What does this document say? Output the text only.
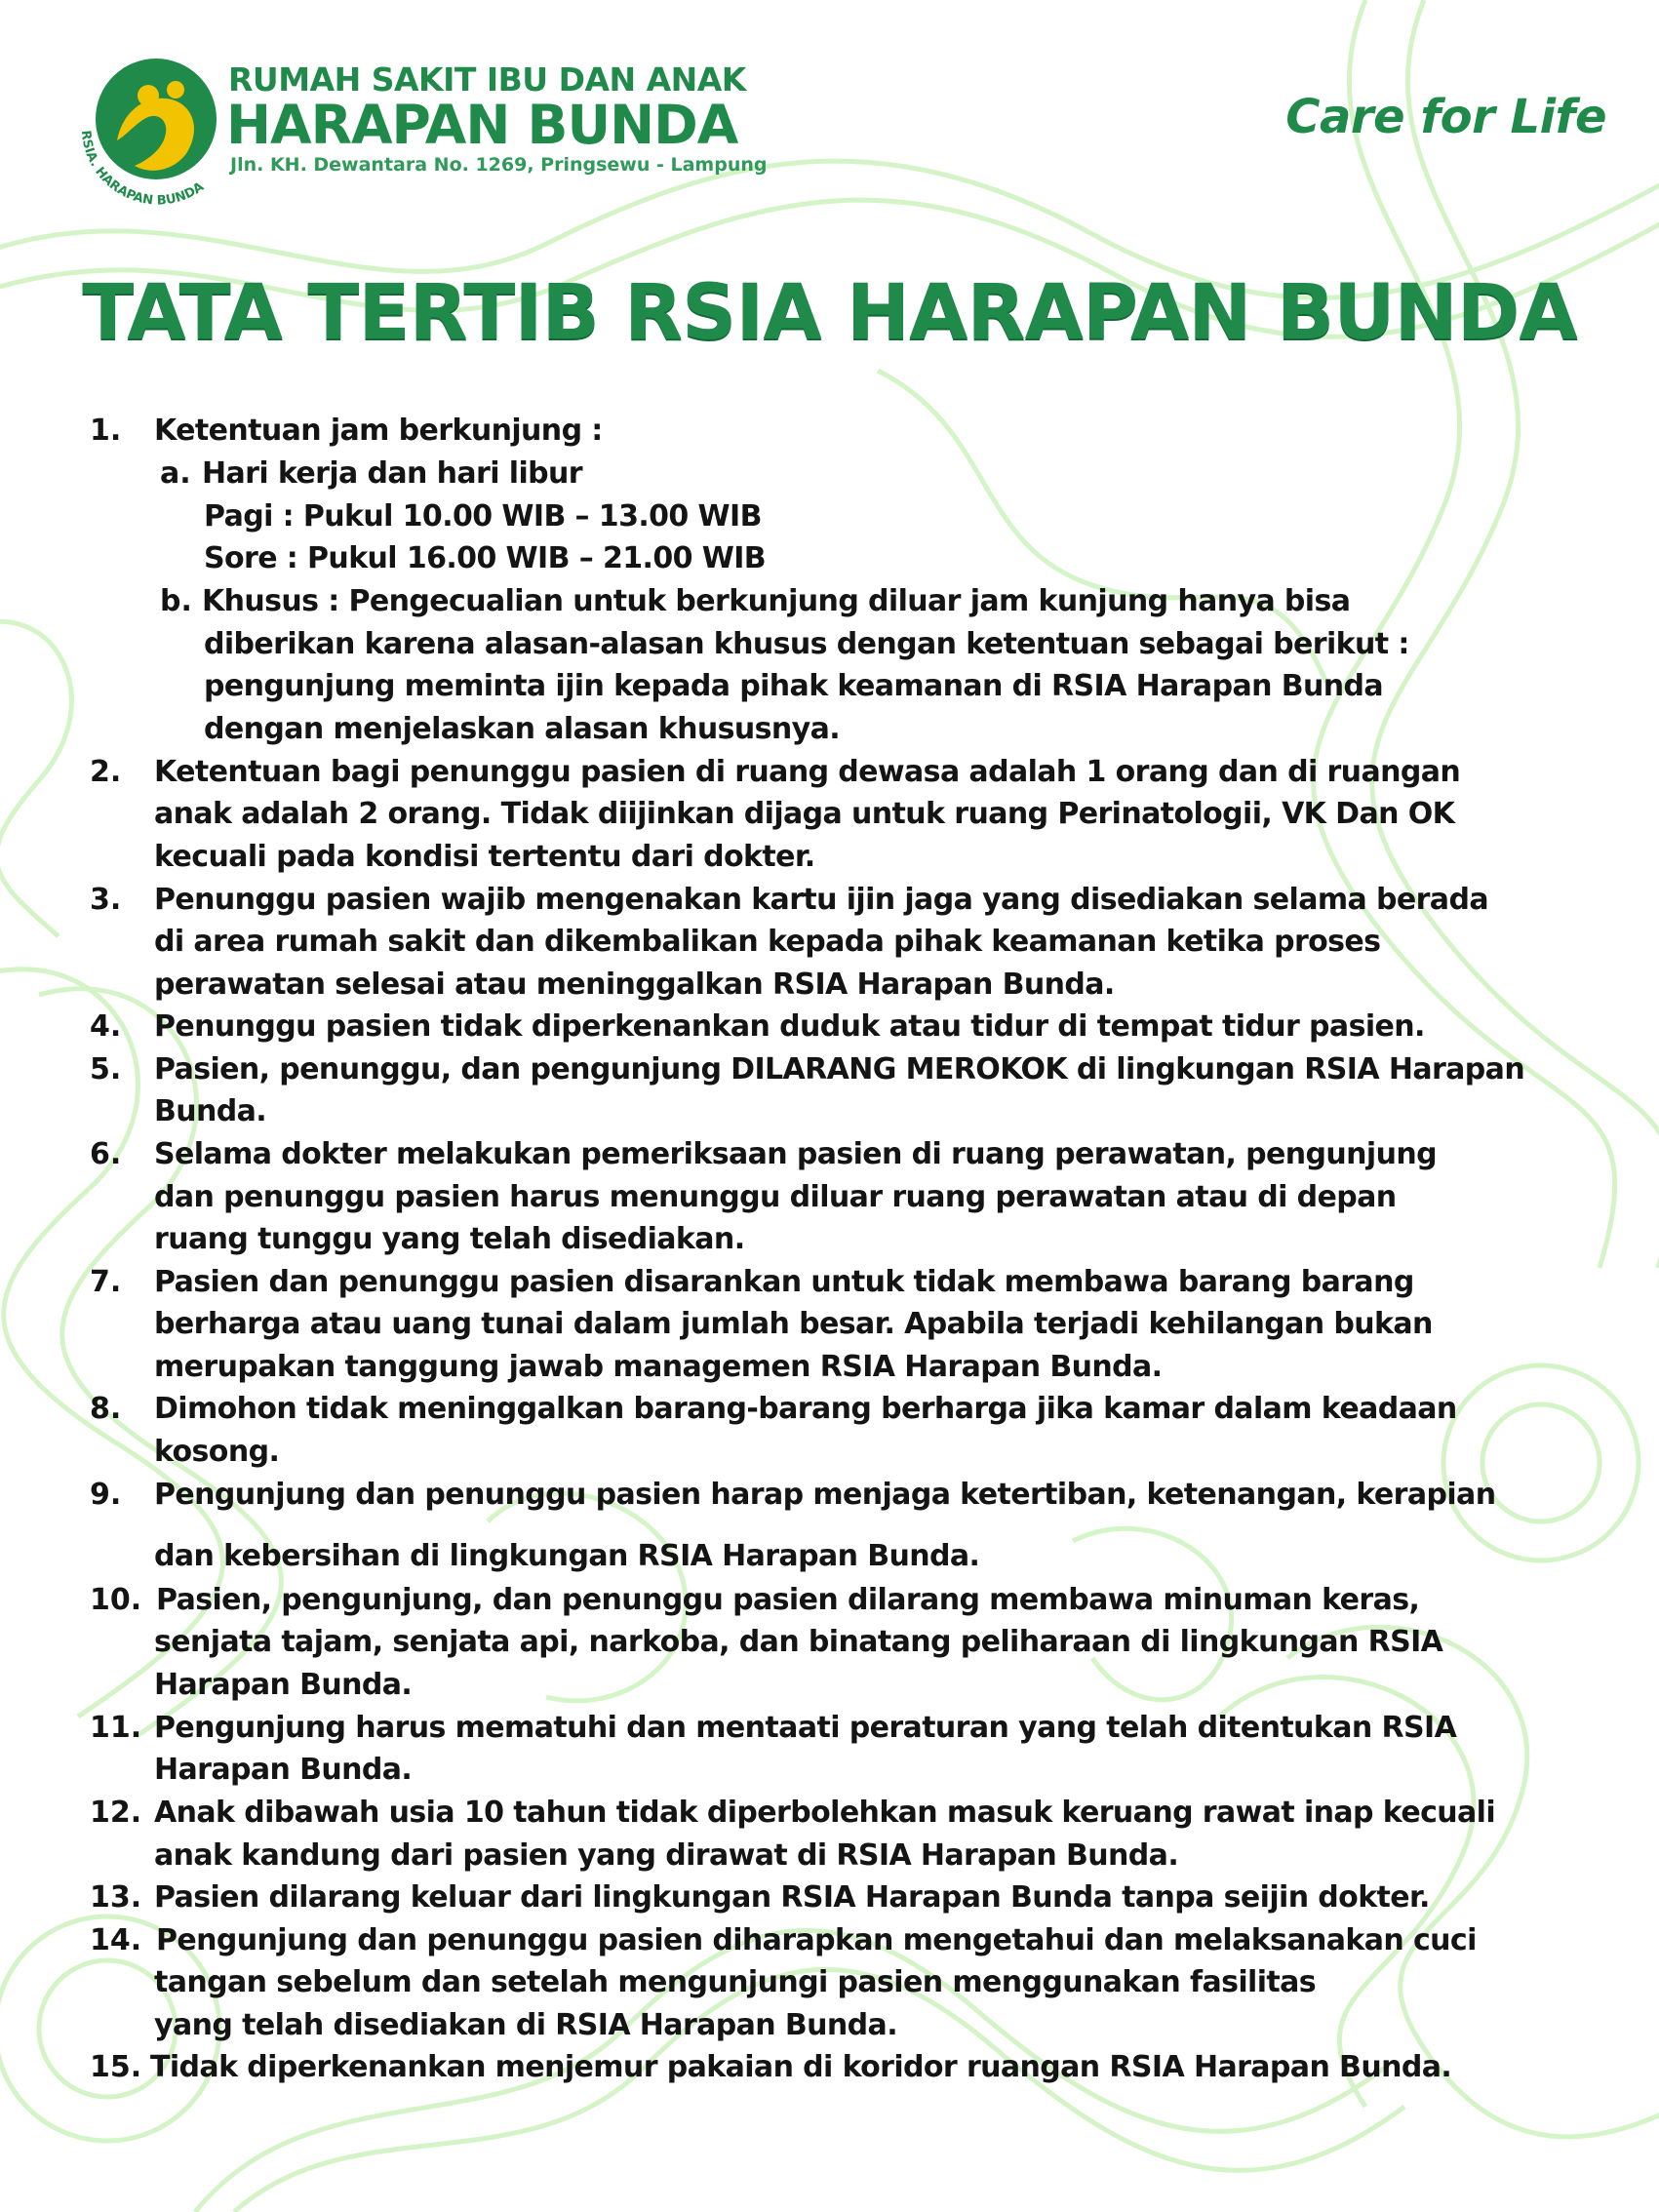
RSIA. HARAPAN BUNDA
RUMAH SAKIT IBU DAN ANAK
HARAPAN BUNDA
Jln. KH. Dewantara No. 1269, Pringsewu - Lampung
Care for Life
TATA TERTIB RSIA HARAPAN BUNDA
1. Ketentuan jam berkunjung :
a. Hari kerja dan hari libur
Pagi : Pukul 10.00 WIB – 13.00 WIB
Sore : Pukul 16.00 WIB – 21.00 WIB
b. Khusus : Pengecualian untuk berkunjung diluar jam kunjung hanya bisa
diberikan karena alasan-alasan khusus dengan ketentuan sebagai berikut :
pengunjung meminta ijin kepada pihak keamanan di RSIA Harapan Bunda
dengan menjelaskan alasan khususnya.
2. Ketentuan bagi penunggu pasien di ruang dewasa adalah 1 orang dan di ruangan
anak adalah 2 orang. Tidak diijinkan dijaga untuk ruang Perinatologii, VK Dan OK
kecuali pada kondisi tertentu dari dokter.
3. Penunggu pasien wajib mengenakan kartu ijin jaga yang disediakan selama berada
di area rumah sakit dan dikembalikan kepada pihak keamanan ketika proses
perawatan selesai atau meninggalkan RSIA Harapan Bunda.
4. Penunggu pasien tidak diperkenankan duduk atau tidur di tempat tidur pasien.
5. Pasien, penunggu, dan pengunjung DILARANG MEROKOK di lingkungan RSIA Harapan
Bunda.
6. Selama dokter melakukan pemeriksaan pasien di ruang perawatan, pengunjung
dan penunggu pasien harus menunggu diluar ruang perawatan atau di depan
ruang tunggu yang telah disediakan.
7. Pasien dan penunggu pasien disarankan untuk tidak membawa barang barang
berharga atau uang tunai dalam jumlah besar. Apabila terjadi kehilangan bukan
merupakan tanggung jawab managemen RSIA Harapan Bunda.
8. Dimohon tidak meninggalkan barang-barang berharga jika kamar dalam keadaan
kosong.
9. Pengunjung dan penunggu pasien harap menjaga ketertiban, ketenangan, kerapian
dan kebersihan di lingkungan RSIA Harapan Bunda.
10. Pasien, pengunjung, dan penunggu pasien dilarang membawa minuman keras,
senjata tajam, senjata api, narkoba, dan binatang peliharaan di lingkungan RSIA
Harapan Bunda.
11. Pengunjung harus mematuhi dan mentaati peraturan yang telah ditentukan RSIA
Harapan Bunda.
12. Anak dibawah usia 10 tahun tidak diperbolehkan masuk keruang rawat inap kecuali
anak kandung dari pasien yang dirawat di RSIA Harapan Bunda.
13. Pasien dilarang keluar dari lingkungan RSIA Harapan Bunda tanpa seijin dokter.
14. Pengunjung dan penunggu pasien diharapkan mengetahui dan melaksanakan cuci
tangan sebelum dan setelah mengunjungi pasien menggunakan fasilitas
yang telah disediakan di RSIA Harapan Bunda.
15. Tidak diperkenankan menjemur pakaian di koridor ruangan RSIA Harapan Bunda.
